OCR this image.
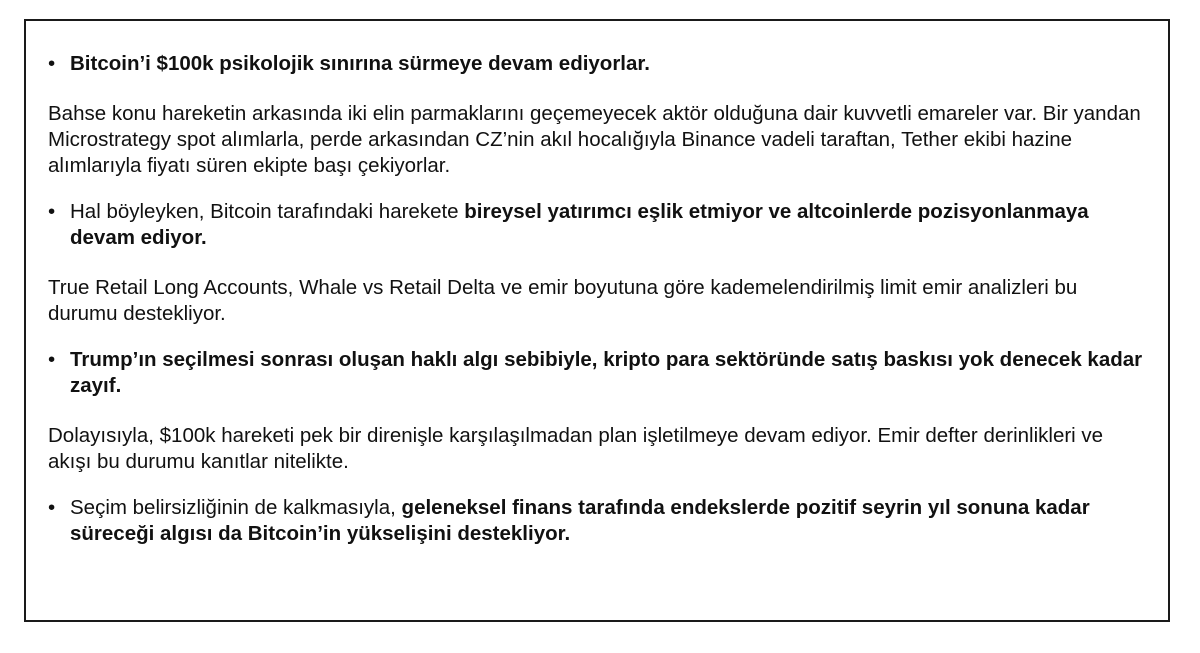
• Bitcoin’i $100k psikolojik sınırına sürmeye devam ediyorlar.

Bahse konu hareketin arkasında iki elin parmaklarını geçemeyecek aktör olduğuna dair kuvvetli emareler var. Bir yandan Microstrategy spot alımlarla, perde arkasından CZ’nin akıl hocalığıyla Binance vadeli taraftan, Tether ekibi hazine alımlarıyla fiyatı süren ekipte başı çekiyorlar.

• Hal böyleyken, Bitcoin tarafındaki harekete bireysel yatırımcı eşlik etmiyor ve altcoinlerde pozisyonlanmaya devam ediyor.

True Retail Long Accounts, Whale vs Retail Delta ve emir boyutuna göre kademelendirilmiş limit emir analizleri bu durumu destekliyor.

• Trump’ın seçilmesi sonrası oluşan haklı algı sebibiyle, kripto para sektöründe satış baskısı yok denecek kadar zayıf.

Dolayısıyla, $100k hareketi pek bir direnişle karşılaşılmadan plan işletilmeye devam ediyor. Emir defter derinlikleri ve akışı bu durumu kanıtlar nitelikte.

• Seçim belirsizliğinin de kalkmasıyla, geleneksel finans tarafında endekslerde pozitif seyrin yıl sonuna kadar süreceği algısı da Bitcoin’in yükselişini destekliyor.
